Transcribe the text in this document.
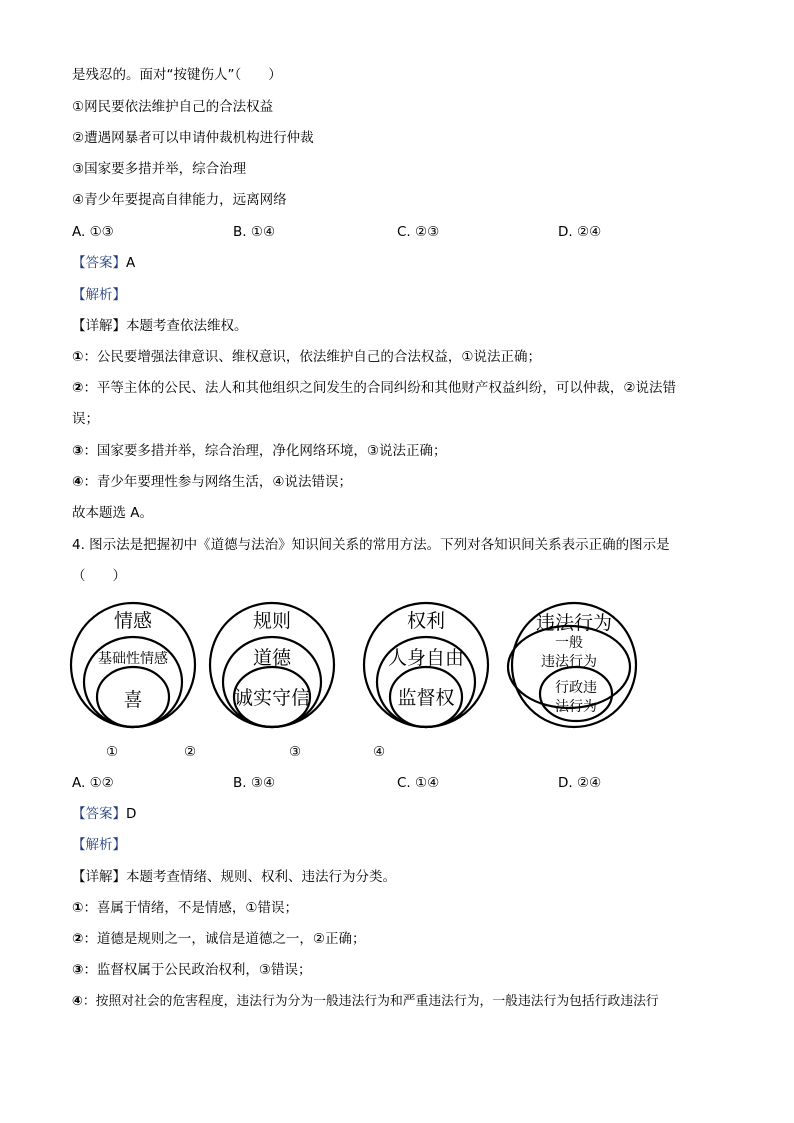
是残忍的。面对“按键伤人”（　　）
①网民要依法维护自己的合法权益
②遭遇网暴者可以申请仲裁机构进行仲裁
③国家要多措并举，综合治理
④青少年要提高自律能力，远离网络
A. ①③	B. ①④	C. ②③	D. ②④
【答案】A
【解析】
【详解】本题考查依法维权。
①：公民要增强法律意识、维权意识，依法维护自己的合法权益，①说法正确；
②：平等主体的公民、法人和其他组织之间发生的合同纠纷和其他财产权益纠纷，可以仲裁，②说法错
误；
③：国家要多措并举，综合治理，净化网络环境，③说法正确；
④：青少年要理性参与网络生活，④说法错误；
故本题选 A。
4. 图示法是把握初中《道德与法治》知识间关系的常用方法。下列对各知识间关系表示正确的图示是
（　　）
情感
基础性情感
喜
规则
道德
诚实守信
权利
人身自由
监督权
违法行为
一般
违法行为
行政违
法行为
①	②	③	④
A. ①②	B. ③④	C. ①④	D. ②④
【答案】D
【解析】
【详解】本题考查情绪、规则、权利、违法行为分类。
①：喜属于情绪，不是情感，①错误；
②：道德是规则之一，诚信是道德之一，②正确；
③：监督权属于公民政治权利，③错误；
④：按照对社会的危害程度，违法行为分为一般违法行为和严重违法行为，一般违法行为包括行政违法行
